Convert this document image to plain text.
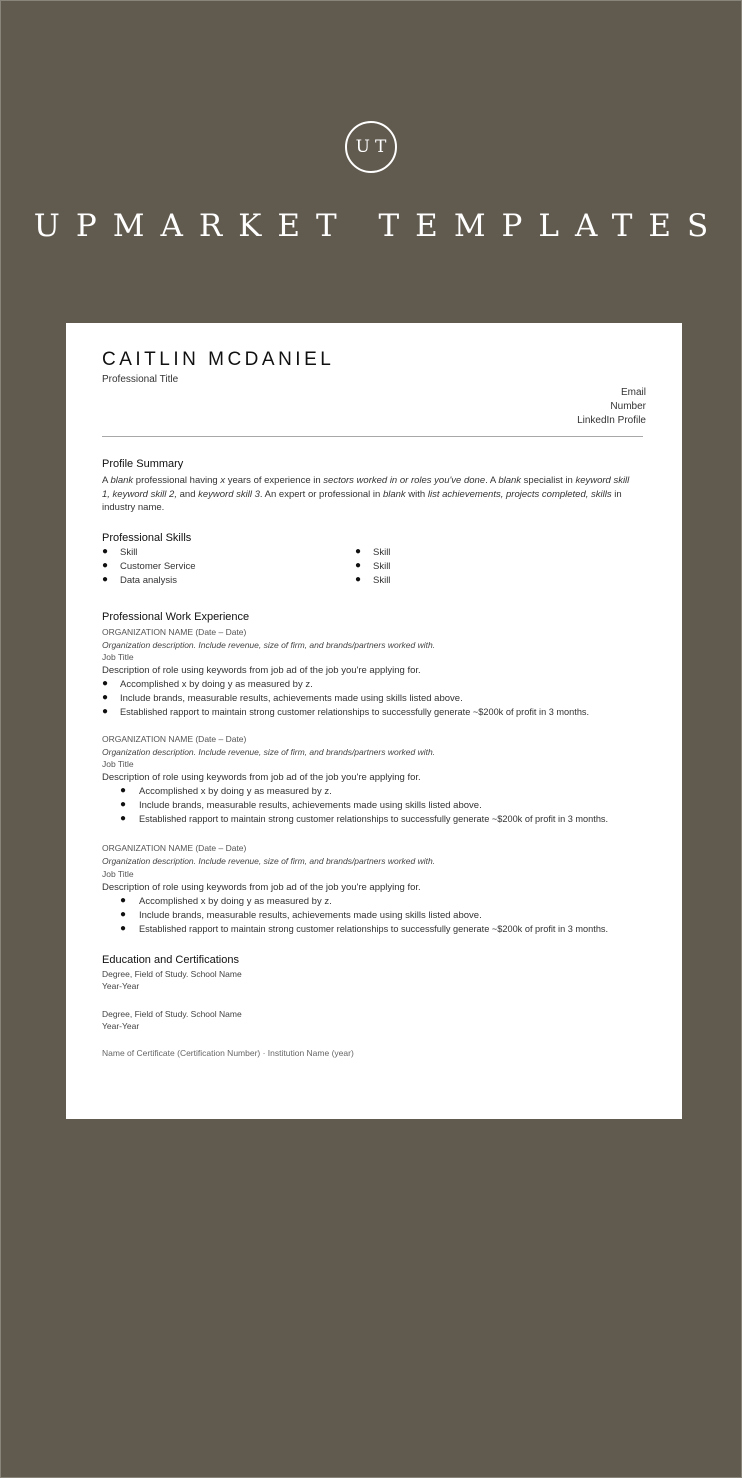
UT
UPMARKET TEMPLATES
CAITLIN MCDANIEL
Professional Title
Email
Number
LinkedIn Profile
Profile Summary
A blank professional having x years of experience in sectors worked in or roles you've done. A blank specialist in keyword skill 1, keyword skill 2, and keyword skill 3. An expert or professional in blank with list achievements, projects completed, skills in industry name.
Professional Skills
● Skill
● Customer Service
● Data analysis
● Skill
● Skill
● Skill
Professional Work Experience
ORGANIZATION NAME (Date – Date)
Organization description. Include revenue, size of firm, and brands/partners worked with.
Job Title
Description of role using keywords from job ad of the job you're applying for.
● Accomplished x by doing y as measured by z.
● Include brands, measurable results, achievements made using skills listed above.
● Established rapport to maintain strong customer relationships to successfully generate ~$200k of profit in 3 months.
ORGANIZATION NAME (Date – Date)
Organization description. Include revenue, size of firm, and brands/partners worked with.
Job Title
Description of role using keywords from job ad of the job you're applying for.
● Accomplished x by doing y as measured by z.
● Include brands, measurable results, achievements made using skills listed above.
● Established rapport to maintain strong customer relationships to successfully generate ~$200k of profit in 3 months.
ORGANIZATION NAME (Date – Date)
Organization description. Include revenue, size of firm, and brands/partners worked with.
Job Title
Description of role using keywords from job ad of the job you're applying for.
● Accomplished x by doing y as measured by z.
● Include brands, measurable results, achievements made using skills listed above.
● Established rapport to maintain strong customer relationships to successfully generate ~$200k of profit in 3 months.
Education and Certifications
Degree, Field of Study. School Name
Year-Year
Degree, Field of Study. School Name
Year-Year
Name of Certificate (Certification Number) · Institution Name (year)
